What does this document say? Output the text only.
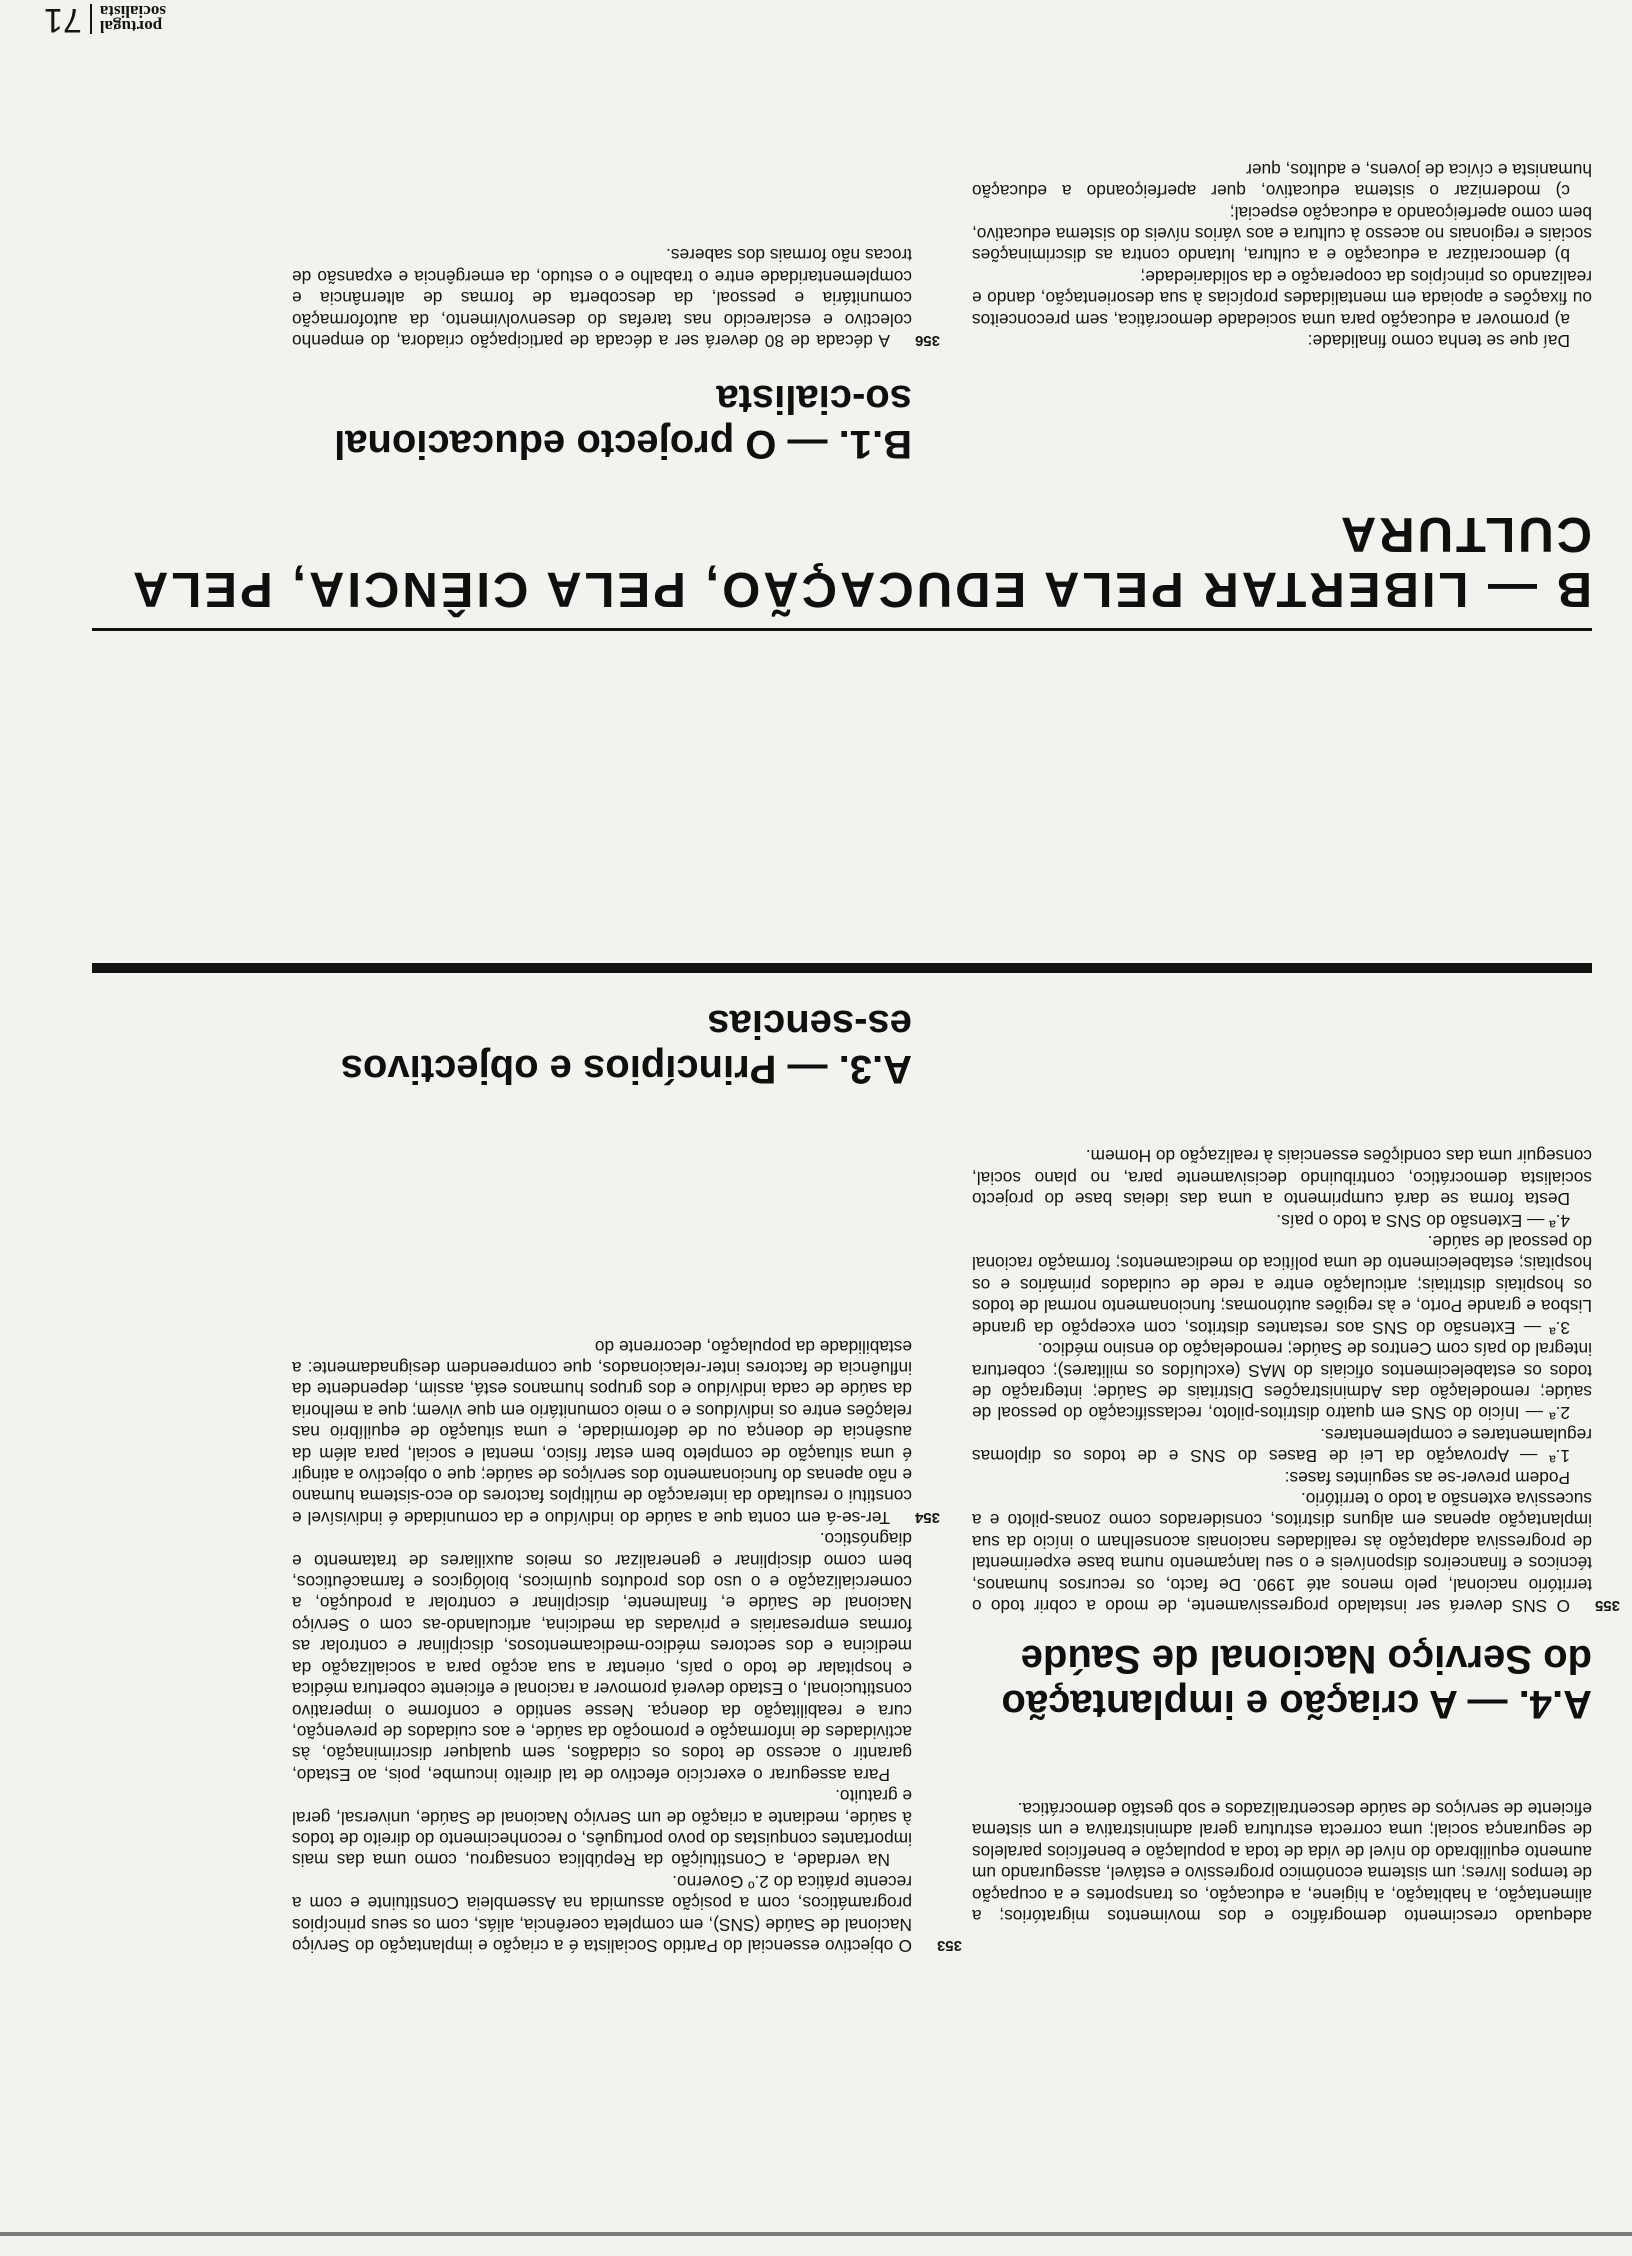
portugal
socialista
71
B.1. — O projecto educacional so-cialista
356
A década de 80 deverá ser a década de participação criadora, do empenho colectivo e esclarecido nas tarefas do desenvolvimento, da autoformação comunitária e pessoal, da descoberta de formas de alternância e complementaridade entre o trabalho e o estudo, da emergência e expansão de trocas não formais dos saberes.

Daí que se tenha como finalidade:

a) promover a educação para uma sociedade democrática, sem preconceitos ou fixações e apoiada em mentalidades propícias à sua desorientação, dando e realizando os princípios da cooperação e da solidariedade;

b) democratizar a educação e a cultura, lutando contra as discriminações sociais e regionais no acesso à cultura e aos vários níveis do sistema educativo, bem como aperfeiçoando a educação especial;

c) modernizar o sistema educativo, quer aperfeiçoando a educação humanista e cívica de jovens, e adultos, quer

B — LIBERTAR PELA EDUCAÇÃO, PELA CIÊNCIA, PELA CULTURA
353
O objectivo essencial do Partido Socialista é a criação e implantação do Serviço Nacional de Saúde (SNS), em completa coerência, aliás, com os seus princípios programáticos, com a posição assumida na Assembleia Constituinte e com a recente prática do 2.º Governo.

Na verdade, a Constituição da República consagrou, como uma das mais importantes conquistas do povo português, o reconhecimento do direito de todos à saúde, mediante a criação de um Serviço Nacional de Saúde, universal, geral e gratuito.

Para assegurar o exercício efectivo de tal direito incumbe, pois, ao Estado, garantir o acesso de todos os cidadãos, sem qualquer discriminação, às actividades de informação e promoção da saúde, e aos cuidados de prevenção, cura e reabilitação da doença. Nesse sentido e conforme o imperativo constitucional, o Estado deverá promover a racional e eficiente cobertura médica e hospitalar de todo o país, orientar a sua acção para a socialização da medicina e dos sectores médico-medicamentosos, disciplinar e controlar as formas empresariais e privadas da medicina, articulando-as com o Serviço Nacional de Saúde e, finalmente, disciplinar e controlar a produção, a comercialização e o uso dos produtos químicos, biológicos e farmacêuticos, bem como disciplinar e generalizar os meios auxiliares de tratamento e diagnóstico.

354
Ter-se-á em conta que a saúde do indivíduo e da comunidade é indivisível e constitui o resultado da interacção de múltiplos factores do eco-sistema humano e não apenas do funcionamento dos serviços de saúde; que o objectivo a atingir é uma situação de completo bem estar físico, mental e social, para além da ausência de doença ou de deformidade, e uma situação de equilíbrio nas relações entre os indivíduos e o meio comunitário em que vivem; que a melhoria da saúde de cada indivíduo e dos grupos humanos está, assim, dependente da influência de factores inter-relacionados, que compreendem designadamente: a estabilidade da população, decorrente do
A.3. — Princípios e objectivos es-sencias

adequado crescimento demográfico e dos movimentos migratórios; a alimentação, a habitação, a higiene, a educação, os transportes e a ocupação de tempos livres; um sistema económico progressivo e estável, assegurando um aumento equilibrado do nível de vida de toda a população e benefícios paralelos de segurança social; uma correcta estrutura geral administrativa e um sistema eficiente de serviços de saúde descentralizados e sob gestão democrática.

A.4. — A criação e implantação do Serviço Nacional de Saúde
355
O SNS deverá ser instalado progressivamente, de modo a cobrir todo o território nacional, pelo menos até 1990. De facto, os recursos humanos, técnicos e financeiros disponíveis e o seu lançamento numa base experimental de progressiva adaptação às realidades nacionais aconselham o início da sua implantação apenas em alguns distritos, considerados como zonas-piloto e a sucessiva extensão a todo o território.

Podem prever-se as seguintes fases:

1.ª — Aprovação da Lei de Bases do SNS e de todos os diplomas regulamentares e complementares.

2.ª — Início do SNS em quatro distritos-piloto, reclassificação do pessoal de saúde; remodelação das Administrações Distritais de Saúde; integração de todos os estabelecimentos oficiais do MAS (excluídos os militares); cobertura integral do país com Centros de Saúde; remodelação do ensino médico.

3.ª — Extensão do SNS aos restantes distritos, com excepção da grande Lisboa e grande Porto, e às regiões autónomas; funcionamento normal de todos os hospitais distritais; articulação entre a rede de cuidados primários e os hospitais; estabelecimento de uma política do medicamentos; formação racional do pessoal de saúde.

4.ª — Extensão do SNS a todo o país.

Desta forma se dará cumprimento a uma das ideias base do projecto socialista democrático, contribuindo decisivamente para, no plano social, conseguir uma das condições essenciais à realização do Homem.
